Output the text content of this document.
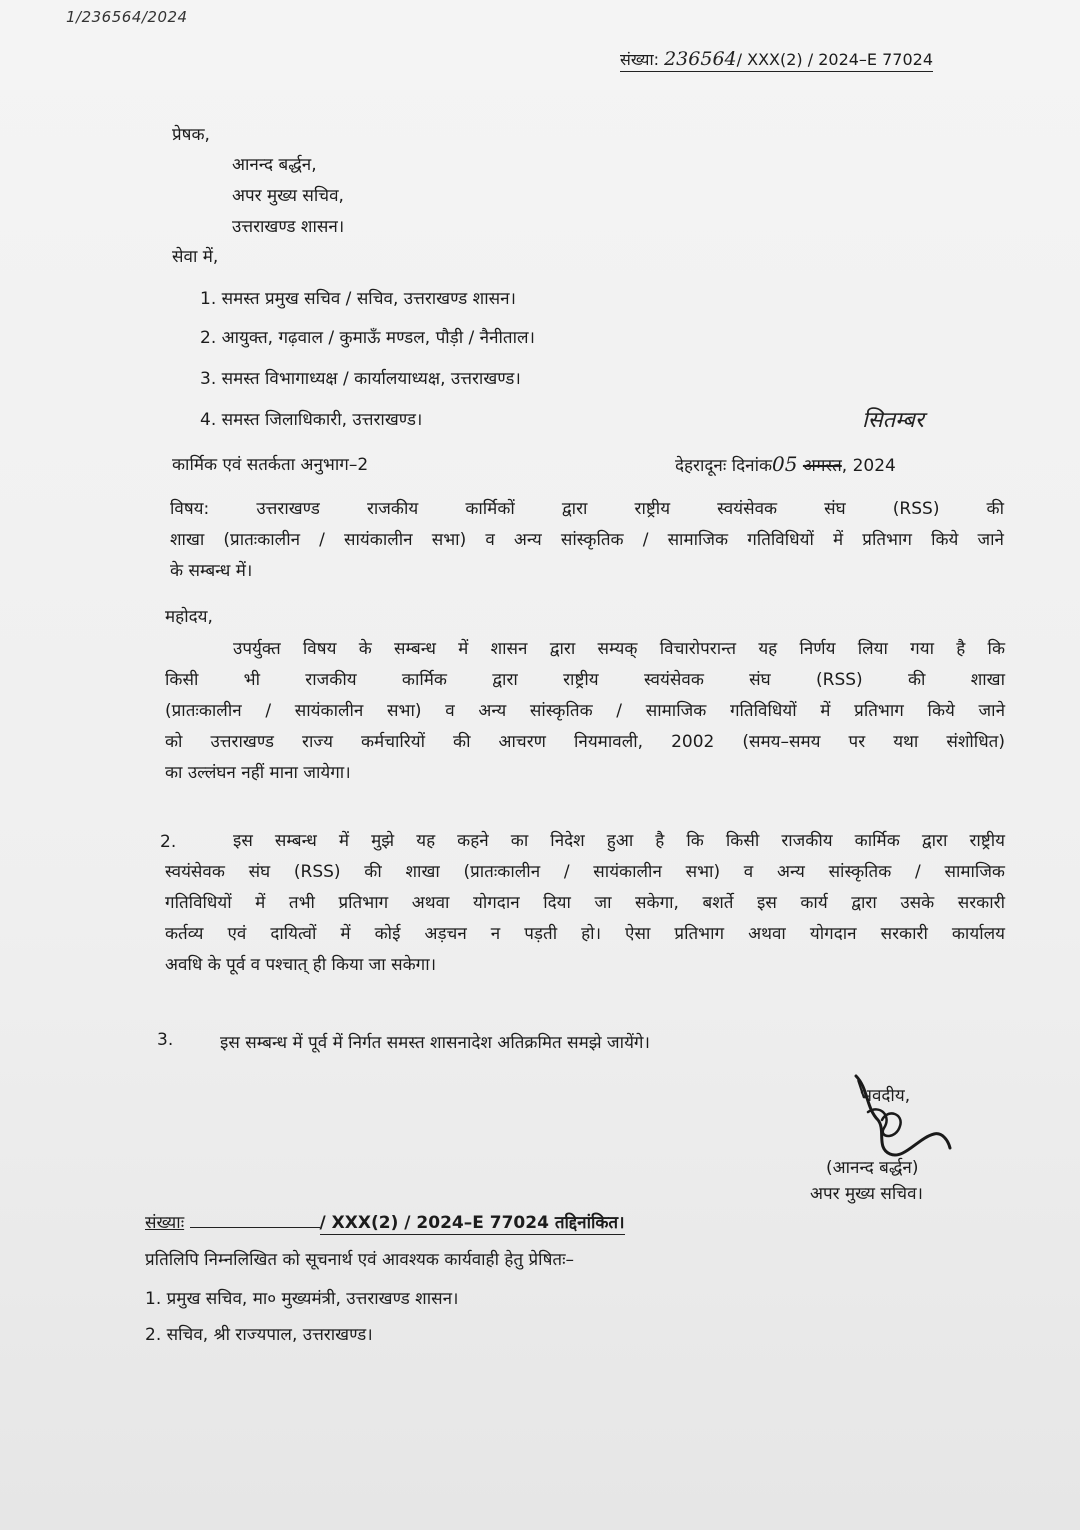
1/236564/2024
संख्या: 236564/ XXX(2) / 2024–E 77024
प्रेषक,
आनन्द बर्द्धन,
अपर मुख्य सचिव,
उत्तराखण्ड शासन।
सेवा में,
1. समस्त प्रमुख सचिव / सचिव, उत्तराखण्ड शासन।
2. आयुक्त, गढ़वाल / कुमाऊँ मण्डल, पौड़ी / नैनीताल।
3. समस्त विभागाध्यक्ष / कार्यालयाध्यक्ष, उत्तराखण्ड।
4. समस्त जिलाधिकारी, उत्तराखण्ड।
कार्मिक एवं सतर्कता अनुभाग–2
सितम्बर
देहरादूनः दिनांक05 अगस्त, 2024
विषय: उत्तराखण्ड राजकीय कार्मिकों द्वारा राष्ट्रीय स्वयंसेवक संघ (RSS) की
शाखा (प्रातःकालीन / सायंकालीन सभा) व अन्य सांस्कृतिक / सामाजिक गतिविधियों में प्रतिभाग किये जाने
के सम्बन्ध में।
महोदय,
उपर्युक्त विषय के सम्बन्ध में शासन द्वारा सम्यक् विचारोपरान्त यह निर्णय लिया गया है कि
किसी भी राजकीय कार्मिक द्वारा राष्ट्रीय स्वयंसेवक संघ (RSS) की शाखा
(प्रातःकालीन / सायंकालीन सभा) व अन्य सांस्कृतिक / सामाजिक गतिविधियों में प्रतिभाग किये जाने
को उत्तराखण्ड राज्य कर्मचारियों की आचरण नियमावली, 2002 (समय–समय पर यथा संशोधित)
का उल्लंघन नहीं माना जायेगा।
2.	इस सम्बन्ध में मुझे यह कहने का निदेश हुआ है कि किसी राजकीय कार्मिक द्वारा राष्ट्रीय
स्वयंसेवक संघ (RSS) की शाखा (प्रातःकालीन / सायंकालीन सभा) व अन्य सांस्कृतिक / सामाजिक
गतिविधियों में तभी प्रतिभाग अथवा योगदान दिया जा सकेगा, बशर्ते इस कार्य द्वारा उसके सरकारी
कर्तव्य एवं दायित्वों में कोई अड़चन न पड़ती हो। ऐसा प्रतिभाग अथवा योगदान सरकारी कार्यालय
अवधि के पूर्व व पश्चात् ही किया जा सकेगा।
3.	इस सम्बन्ध में पूर्व में निर्गत समस्त शासनादेश अतिक्रमित समझे जायेंगे।
भवदीय,
(आनन्द बर्द्धन)
अपर मुख्य सचिव।
संख्याः	/ XXX(2) / 2024–E 77024 तद्दिनांकित।
प्रतिलिपि निम्नलिखित को सूचनार्थ एवं आवश्यक कार्यवाही हेतु प्रेषितः–
1. प्रमुख सचिव, मा० मुख्यमंत्री, उत्तराखण्ड शासन।
2. सचिव, श्री राज्यपाल, उत्तराखण्ड।
